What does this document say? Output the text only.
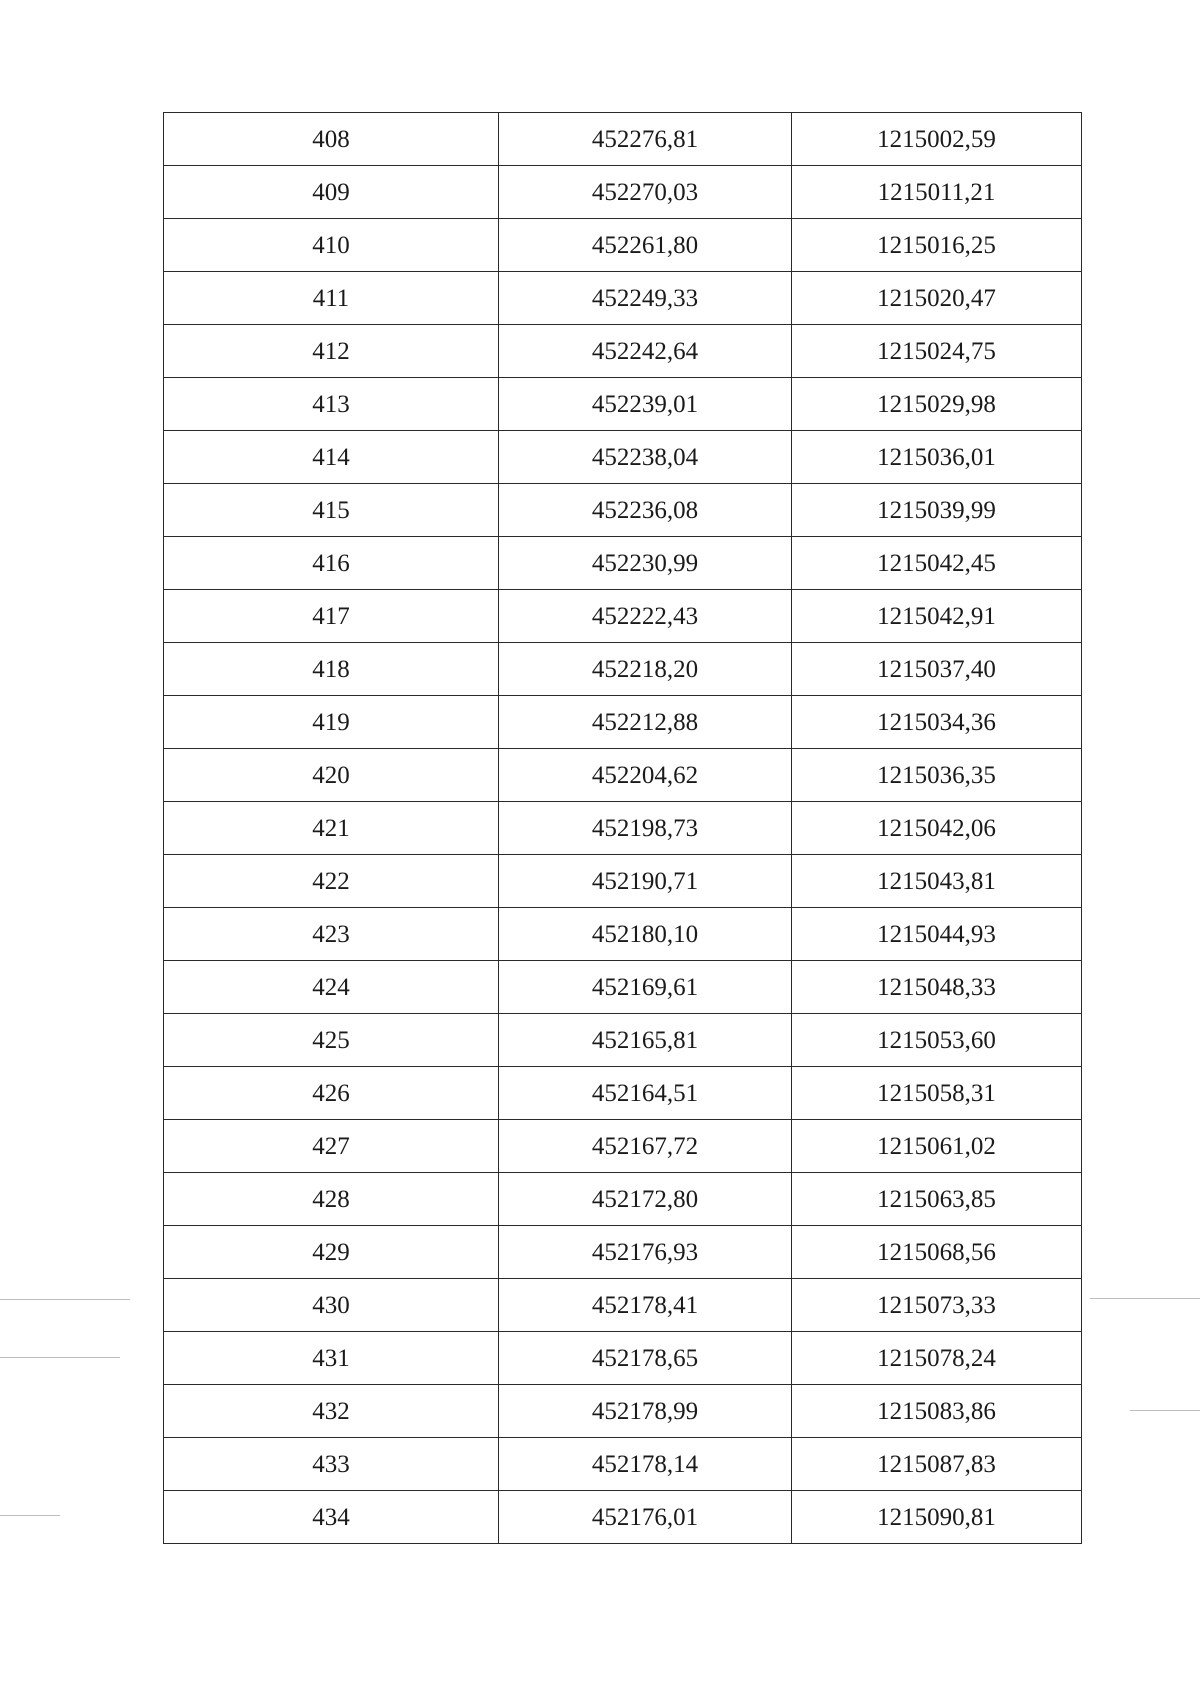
408	452276,81	1215002,59
409	452270,03	1215011,21
410	452261,80	1215016,25
411	452249,33	1215020,47
412	452242,64	1215024,75
413	452239,01	1215029,98
414	452238,04	1215036,01
415	452236,08	1215039,99
416	452230,99	1215042,45
417	452222,43	1215042,91
418	452218,20	1215037,40
419	452212,88	1215034,36
420	452204,62	1215036,35
421	452198,73	1215042,06
422	452190,71	1215043,81
423	452180,10	1215044,93
424	452169,61	1215048,33
425	452165,81	1215053,60
426	452164,51	1215058,31
427	452167,72	1215061,02
428	452172,80	1215063,85
429	452176,93	1215068,56
430	452178,41	1215073,33
431	452178,65	1215078,24
432	452178,99	1215083,86
433	452178,14	1215087,83
434	452176,01	1215090,81
